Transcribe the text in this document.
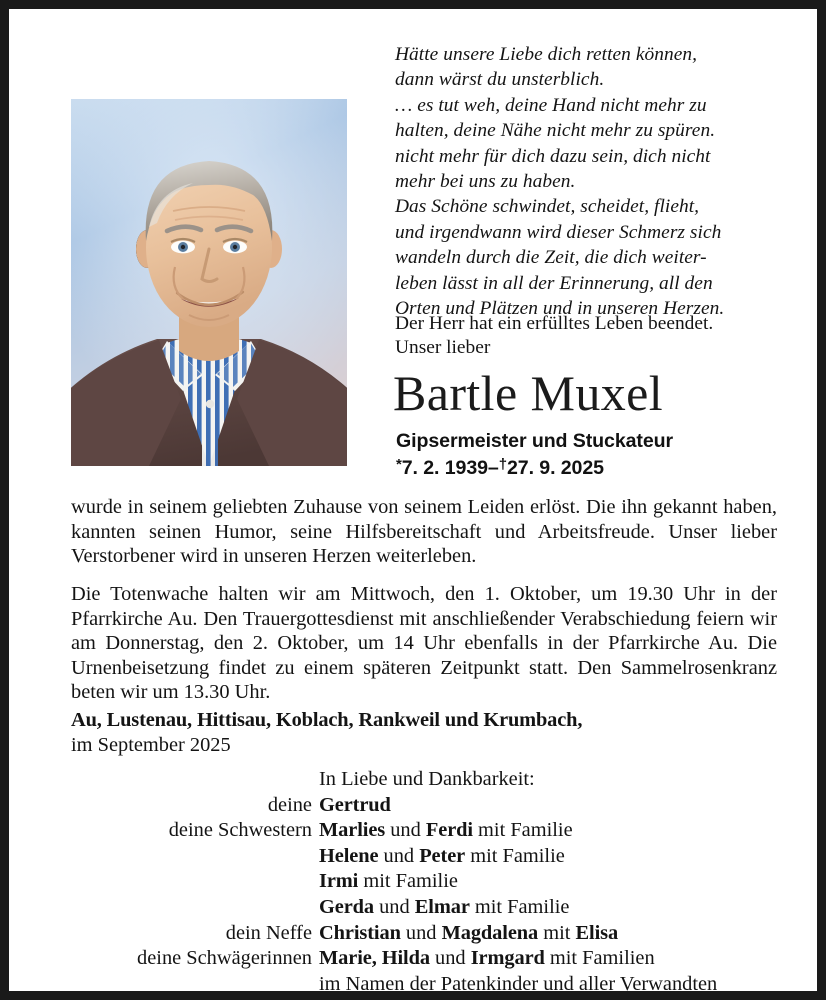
Hätte unsere Liebe dich retten können,

dann wärst du unsterblich.

… es tut weh, deine Hand nicht mehr zu

halten, deine Nähe nicht mehr zu spüren.

nicht mehr für dich dazu sein, dich nicht

mehr bei uns zu haben.

Das Schöne schwindet, scheidet, flieht,

und irgendwann wird dieser Schmerz sich

wandeln durch die Zeit, die dich weiter-

leben lässt in all der Erinnerung, all den

Orten und Plätzen und in unseren Herzen.

Der Herr hat ein erfülltes Leben beendet.
Unser lieber
Bartle Muxel
Gipsermeister und Stuckateur
*7. 2. 1939–†27. 9. 2025
wurde in seinem geliebten Zuhause von seinem Leiden erlöst. Die ihn gekannt haben, kannten seinen Humor, seine Hilfsbereitschaft und Arbeitsfreude. Unser lieber Verstorbener wird in unseren Herzen weiterleben.
Die Totenwache halten wir am Mittwoch, den 1. Oktober, um 19.30 Uhr in der Pfarrkirche Au. Den Trauergottesdienst mit anschließender Verabschiedung feiern wir am Donnerstag, den 2. Oktober, um 14 Uhr ebenfalls in der Pfarrkirche Au. Die Urnenbeisetzung findet zu einem späteren Zeitpunkt statt. Den Sammelrosenkranz beten wir um 13.30 Uhr.
Au, Lustenau, Hittisau, Koblach, Rankweil und Krumbach,
im September 2025
In Liebe und Dankbarkeit:
deine Gertrud
deine Schwestern Marlies und Ferdi mit Familie
Helene und Peter mit Familie
Irmi mit Familie
Gerda und Elmar mit Familie
dein Neffe Christian und Magdalena mit Elisa
deine Schwägerinnen Marie, Hilda und Irmgard mit Familien
im Namen der Patenkinder und aller Verwandten
